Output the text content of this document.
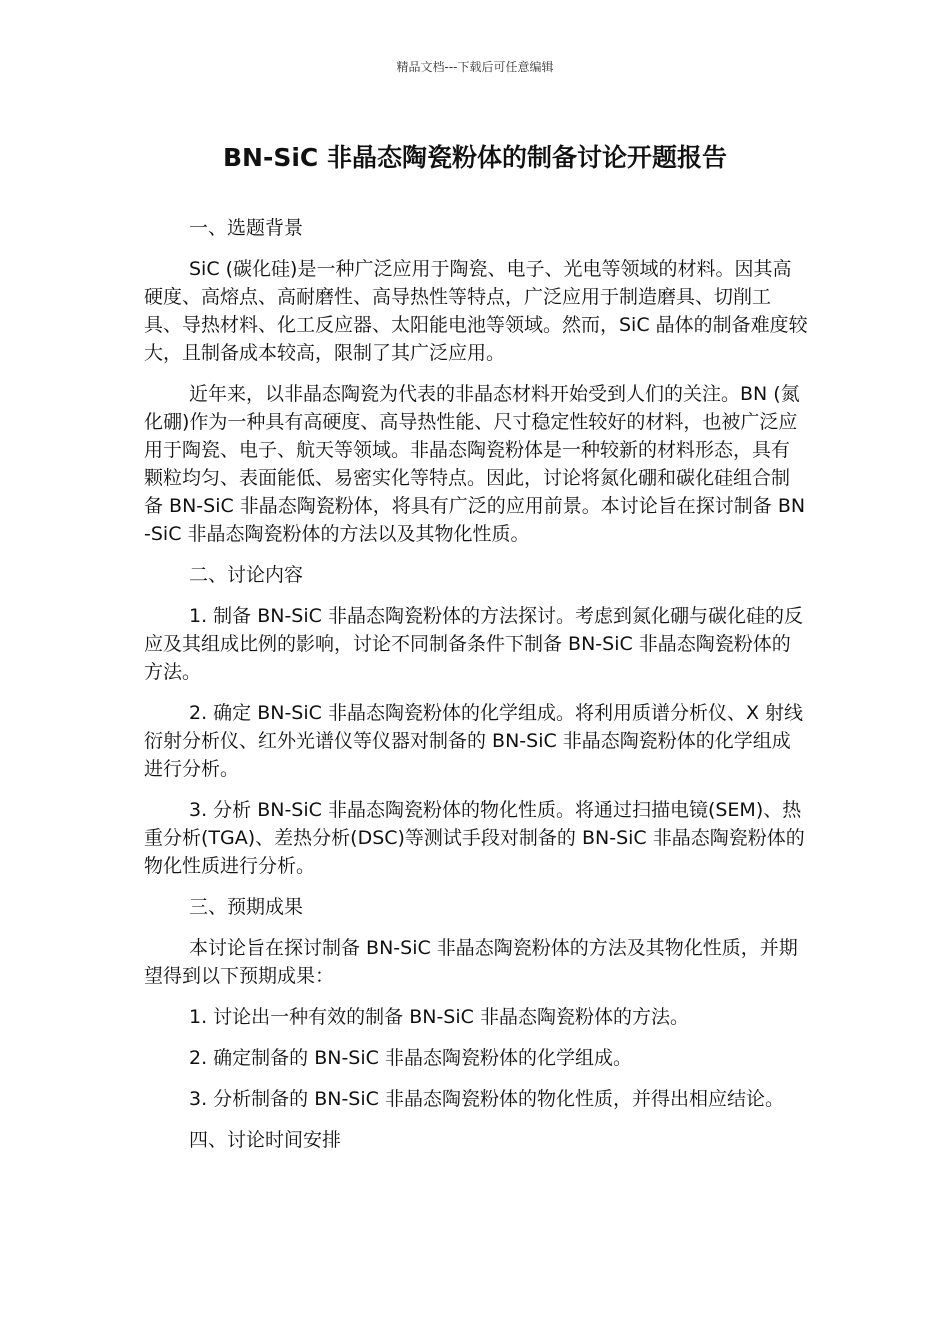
精品文档---下载后可任意编辑
BN-SiC 非晶态陶瓷粉体的制备讨论开题报告

一、选题背景

SiC (碳化硅)是一种广泛应用于陶瓷、电子、光电等领域的材料。因其高硬度、高熔点、高耐磨性、高导热性等特点，广泛应用于制造磨具、切削工具、导热材料、化工反应器、太阳能电池等领域。然而，SiC 晶体的制备难度较大，且制备成本较高，限制了其广泛应用。

近年来，以非晶态陶瓷为代表的非晶态材料开始受到人们的关注。BN (氮化硼)作为一种具有高硬度、高导热性能、尺寸稳定性较好的材料，也被广泛应用于陶瓷、电子、航天等领域。非晶态陶瓷粉体是一种较新的材料形态，具有颗粒均匀、表面能低、易密实化等特点。因此，讨论将氮化硼和碳化硅组合制备 BN-SiC 非晶态陶瓷粉体，将具有广泛的应用前景。本讨论旨在探讨制备 BN-SiC 非晶态陶瓷粉体的方法以及其物化性质。

二、讨论内容

1. 制备 BN-SiC 非晶态陶瓷粉体的方法探讨。考虑到氮化硼与碳化硅的反应及其组成比例的影响，讨论不同制备条件下制备 BN-SiC 非晶态陶瓷粉体的方法。

2. 确定 BN-SiC 非晶态陶瓷粉体的化学组成。将利用质谱分析仪、X 射线衍射分析仪、红外光谱仪等仪器对制备的 BN-SiC 非晶态陶瓷粉体的化学组成进行分析。

3. 分析 BN-SiC 非晶态陶瓷粉体的物化性质。将通过扫描电镜(SEM)、热重分析(TGA)、差热分析(DSC)等测试手段对制备的 BN-SiC 非晶态陶瓷粉体的物化性质进行分析。

三、预期成果

本讨论旨在探讨制备 BN-SiC 非晶态陶瓷粉体的方法及其物化性质，并期望得到以下预期成果：

1. 讨论出一种有效的制备 BN-SiC 非晶态陶瓷粉体的方法。

2. 确定制备的 BN-SiC 非晶态陶瓷粉体的化学组成。

3. 分析制备的 BN-SiC 非晶态陶瓷粉体的物化性质，并得出相应结论。

四、讨论时间安排
